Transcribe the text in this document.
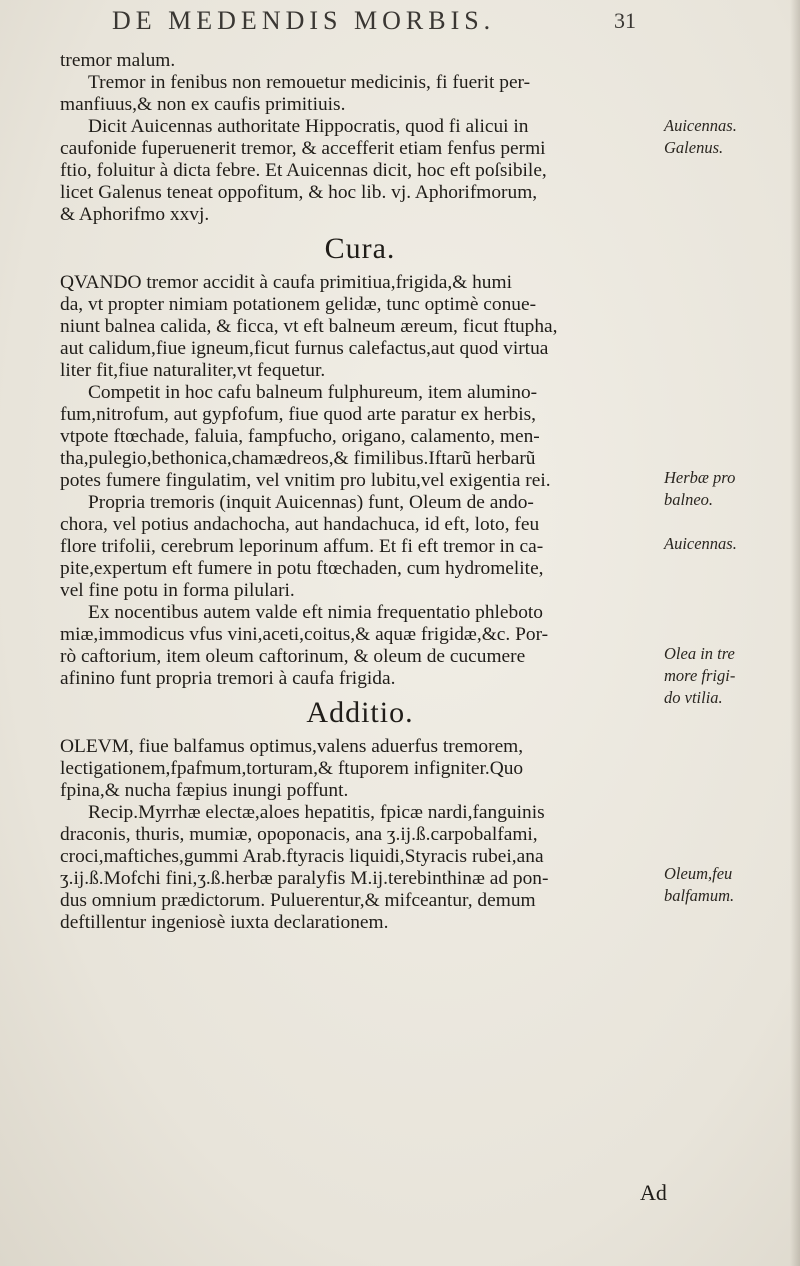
DE MEDENDIS MORBIS.	31
tremor malum.
Tremor in fenibus non remouetur medicinis, fi fuerit per-
manfiuus,& non ex caufis primitiuis.
Dicit Auicennas authoritate Hippocratis, quod fi alicui in
caufonide fuperuenerit tremor, & accefferit etiam fenfus permi
ftio, foluitur à dicta febre. Et Auicennas dicit, hoc eft poſsibile,
licet Galenus teneat oppofitum, & hoc lib. vj. Aphorifmorum,
& Aphorifmo xxvj.
Cura.
QVANDO tremor accidit à caufa primitiua,frigida,& humi
da, vt propter nimiam potationem gelidæ, tunc optimè conue-
niunt balnea calida, & ficca, vt eft balneum æreum, ficut ftupha,
aut calidum,fiue igneum,ficut furnus calefactus,aut quod virtua
liter fit,fiue naturaliter,vt fequetur.
Competit in hoc cafu balneum fulphureum, item alumino-
fum,nitrofum, aut gypfofum, fiue quod arte paratur ex herbis,
vtpote ftœchade, faluia, fampfucho, origano, calamento, men-
tha,pulegio,bethonica,chamædreos,& fimilibus.Iftarũ herbarũ
potes fumere fingulatim, vel vnitim pro lubitu,vel exigentia rei.
Propria tremoris (inquit Auicennas) funt, Oleum de ando-
chora, vel potius andachocha, aut handachuca, id eft, loto, feu
flore trifolii, cerebrum leporinum affum. Et fi eft tremor in ca-
pite,expertum eft fumere in potu ftœchaden, cum hydromelite,
vel fine potu in forma pilulari.
Ex nocentibus autem valde eft nimia frequentatio phleboto
miæ,immodicus vfus vini,aceti,coitus,& aquæ frigidæ,&c. Por-
rò caftorium, item oleum caftorinum, & oleum de cucumere
afinino funt propria tremori à caufa frigida.
Additio.
OLEVM, fiue balfamus optimus,valens aduerfus tremorem,
lectigationem,fpafmum,torturam,& ftuporem infigniter.Quo
fpina,& nucha fæpius inungi poffunt.
Recip.Myrrhæ electæ,aloes hepatitis, fpicæ nardi,fanguinis
draconis, thuris, mumiæ, opoponacis, ana ʒ.ij.ß.carpobalfami,
croci,maftiches,gummi Arab.ftyracis liquidi,Styracis rubei,ana
ʒ.ij.ß.Mofchi fini,ʒ.ß.herbæ paralyfis M.ij.terebinthinæ ad pon-
dus omnium prædictorum. Puluerentur,& mifceantur, demum
deftillentur ingeniosè iuxta declarationem.
Auicennas.
Galenus.
Herbæ pro
balneo.
Auicennas.
Olea in tre
more frigi-
do vtilia.
Oleum,feu
balfamum.
Ad
